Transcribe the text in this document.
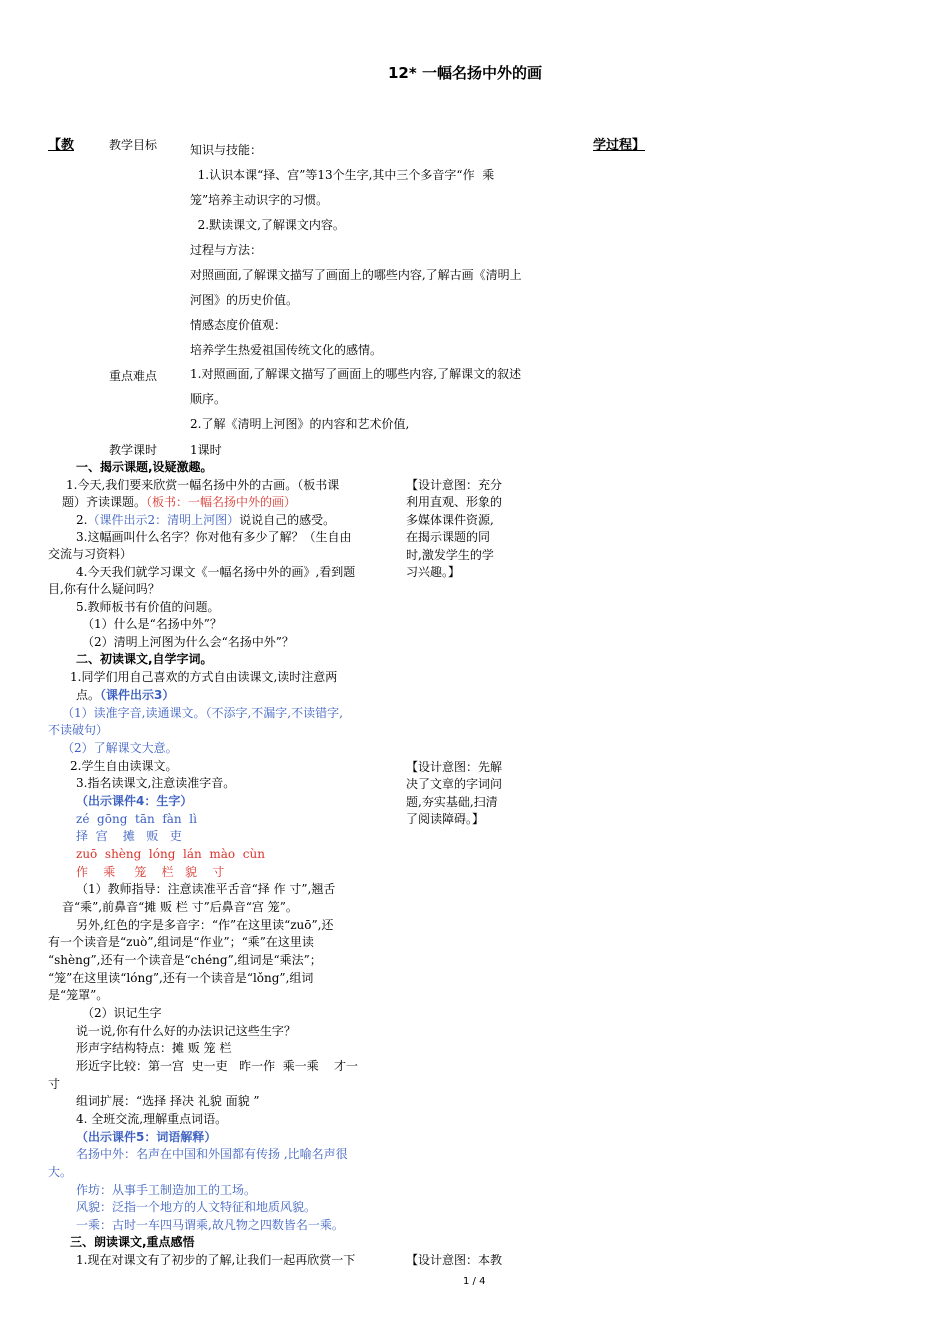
12* 一幅名扬中外的画
【教	学过程】
教学目标	知识与技能：
1.认识本课“择、宫”等13个生字,其中三个多音字“作  乘
笼”培养主动识字的习惯。
2.默读课文,了解课文内容。
过程与方法：
对照画面,了解课文描写了画面上的哪些内容,了解古画《清明上
河图》的历史价值。
情感态度价值观：
培养学生热爱祖国传统文化的感情。
重点难点	1.对照画面,了解课文描写了画面上的哪些内容,了解课文的叙述
顺序。
2.了解《清明上河图》的内容和艺术价值,
教学课时	1课时
一、揭示课题,设疑激趣。
1.今天,我们要来欣赏一幅名扬中外的古画。（板书课
题）齐读课题。（板书：一幅名扬中外的画）
2.（课件出示2：清明上河图）说说自己的感受。
3.这幅画叫什么名字？你对他有多少了解？（生自由
交流与习资料）
4.今天我们就学习课文《一幅名扬中外的画》,看到题
目,你有什么疑问吗？
5.教师板书有价值的问题。
（1）什么是“名扬中外”？
（2）清明上河图为什么会“名扬中外”？
【设计意图：充分
利用直观、形象的
多媒体课件资源,
在揭示课题的同
时,激发学生的学
习兴趣。】
二、初读课文,自学字词。
1.同学们用自己喜欢的方式自由读课文,读时注意两
点。（课件出示3）
（1）读准字音,读通课文。（不添字,不漏字,不读错字,
不读破句）
（2）了解课文大意。
2.学生自由读课文。
3.指名读课文,注意读准字音。
（出示课件4：生字）
zé  gōng  tān  fàn  lì
择  宫    摊   贩   吏
zuō  shèng  lóng  lán  mào  cùn
作    乘     笼    栏   貌    寸
（1）教师指导：注意读准平舌音“择 作 寸”,翘舌
音“乘”,前鼻音“摊 贩 栏 寸”后鼻音“宫 笼”。
另外,红色的字是多音字：“作”在这里读“zuō”,还
有一个读音是“zuò”,组词是“作业”；“乘”在这里读
“shèng”,还有一个读音是“chéng”,组词是“乘法”；
“笼”在这里读“lóng”,还有一个读音是“lǒng”,组词
是“笼罩”。
（2）识记生字
说一说,你有什么好的办法识记这些生字？
形声字结构特点：摊 贩 笼 栏
形近字比较：第一宫  史一吏   昨一作  乘一乘    才一
寸
组词扩展：“选择 择决 礼貌 面貌 ”
4. 全班交流,理解重点词语。
（出示课件5：词语解释）
名扬中外：名声在中国和外国都有传扬 ,比喻名声很
大。
作坊：从事手工制造加工的工场。
风貌：泛指一个地方的人文特征和地质风貌。
一乘：古时一车四马谓乘,故凡物之四数皆名一乘。
【设计意图：先解
决了文章的字词问
题,夯实基础,扫清
了阅读障碍。】
三、朗读课文,重点感悟
1.现在对课文有了初步的了解,让我们一起再欣赏一下	【设计意图：本教
1 / 4
